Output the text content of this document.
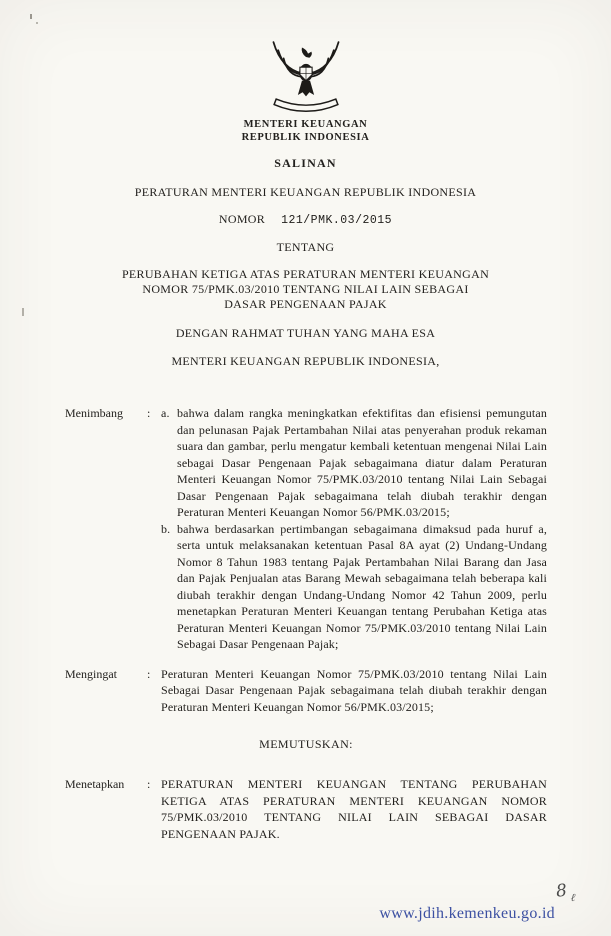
MENTERI KEUANGAN
REPUBLIK INDONESIA
SALINAN
PERATURAN MENTERI KEUANGAN REPUBLIK INDONESIA
NOMOR 121/PMK.03/2015
TENTANG
PERUBAHAN KETIGA ATAS PERATURAN MENTERI KEUANGAN
NOMOR 75/PMK.03/2010 TENTANG NILAI LAIN SEBAGAI
DASAR PENGENAAN PAJAK
DENGAN RAHMAT TUHAN YANG MAHA ESA
MENTERI KEUANGAN REPUBLIK INDONESIA,
Menimbang	: a. bahwa dalam rangka meningkatkan efektifitas dan efisiensi pemungutan dan pelunasan Pajak Pertambahan Nilai atas penyerahan produk rekaman suara dan gambar, perlu mengatur kembali ketentuan mengenai Nilai Lain sebagai Dasar Pengenaan Pajak sebagaimana diatur dalam Peraturan Menteri Keuangan Nomor 75/PMK.03/2010 tentang Nilai Lain Sebagai Dasar Pengenaan Pajak sebagaimana telah diubah terakhir dengan Peraturan Menteri Keuangan Nomor 56/PMK.03/2015;
b. bahwa berdasarkan pertimbangan sebagaimana dimaksud pada huruf a, serta untuk melaksanakan ketentuan Pasal 8A ayat (2) Undang-Undang Nomor 8 Tahun 1983 tentang Pajak Pertambahan Nilai Barang dan Jasa dan Pajak Penjualan atas Barang Mewah sebagaimana telah beberapa kali diubah terakhir dengan Undang-Undang Nomor 42 Tahun 2009, perlu menetapkan Peraturan Menteri Keuangan tentang Perubahan Ketiga atas Peraturan Menteri Keuangan Nomor 75/PMK.03/2010 tentang Nilai Lain Sebagai Dasar Pengenaan Pajak;
Mengingat	: Peraturan Menteri Keuangan Nomor 75/PMK.03/2010 tentang Nilai Lain Sebagai Dasar Pengenaan Pajak sebagaimana telah diubah terakhir dengan Peraturan Menteri Keuangan Nomor 56/PMK.03/2015;
MEMUTUSKAN:
Menetapkan	: PERATURAN MENTERI KEUANGAN TENTANG PERUBAHAN KETIGA ATAS PERATURAN MENTERI KEUANGAN NOMOR 75/PMK.03/2010 TENTANG NILAI LAIN SEBAGAI DASAR PENGENAAN PAJAK.
8 ℓ
www.jdih.kemenkeu.go.id
